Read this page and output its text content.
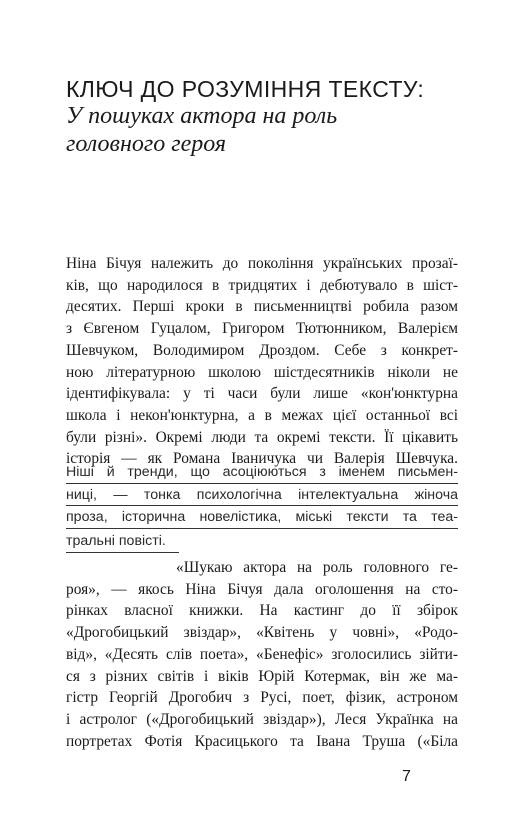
КЛЮЧ ДО РОЗУМІННЯ ТЕКСТУ:
У пошуках актора на роль
головного героя
Ніна Бічуя належить до покоління українських прозаї-
ків, що народилося в тридцятих і дебютувало в шіст-
десятих. Перші кроки в письменництві робила разом
з Євгеном Гуцалом, Григором Тютюнником, Валерієм
Шевчуком, Володимиром Дроздом. Себе з конкрет-
ною літературною школою шістдесятників ніколи не
ідентифікувала: у ті часи були лише «кон'юнктурна
школа і некон'юнктурна, а в межах цієї останньої всі
були різні». Окремі люди та окремі тексти. Її цікавить
історія — як Романа Іваничука чи Валерія Шевчука.
Ніші й тренди, що асоціюються з іменем письмен-
ниці, — тонка психологічна інтелектуальна жіноча
проза, історична новелістика, міські тексти та теа-
тральні повісті.
«Шукаю актора на роль головного ге-
роя», — якось Ніна Бічуя дала оголошення на сто-
рінках власної книжки. На кастинг до її збірок
«Дрогобицький звіздар», «Квітень у човні», «Родо-
від», «Десять слів поета», «Бенефіс» зголосились зійти-
ся з різних світів і віків Юрій Котермак, він же ма-
гістр Георгій Дрогобич з Русі, поет, фізик, астроном
і астролог («Дрогобицький звіздар»), Леся Українка на
портретах Фотія Красицького та Івана Труша («Біла
7
